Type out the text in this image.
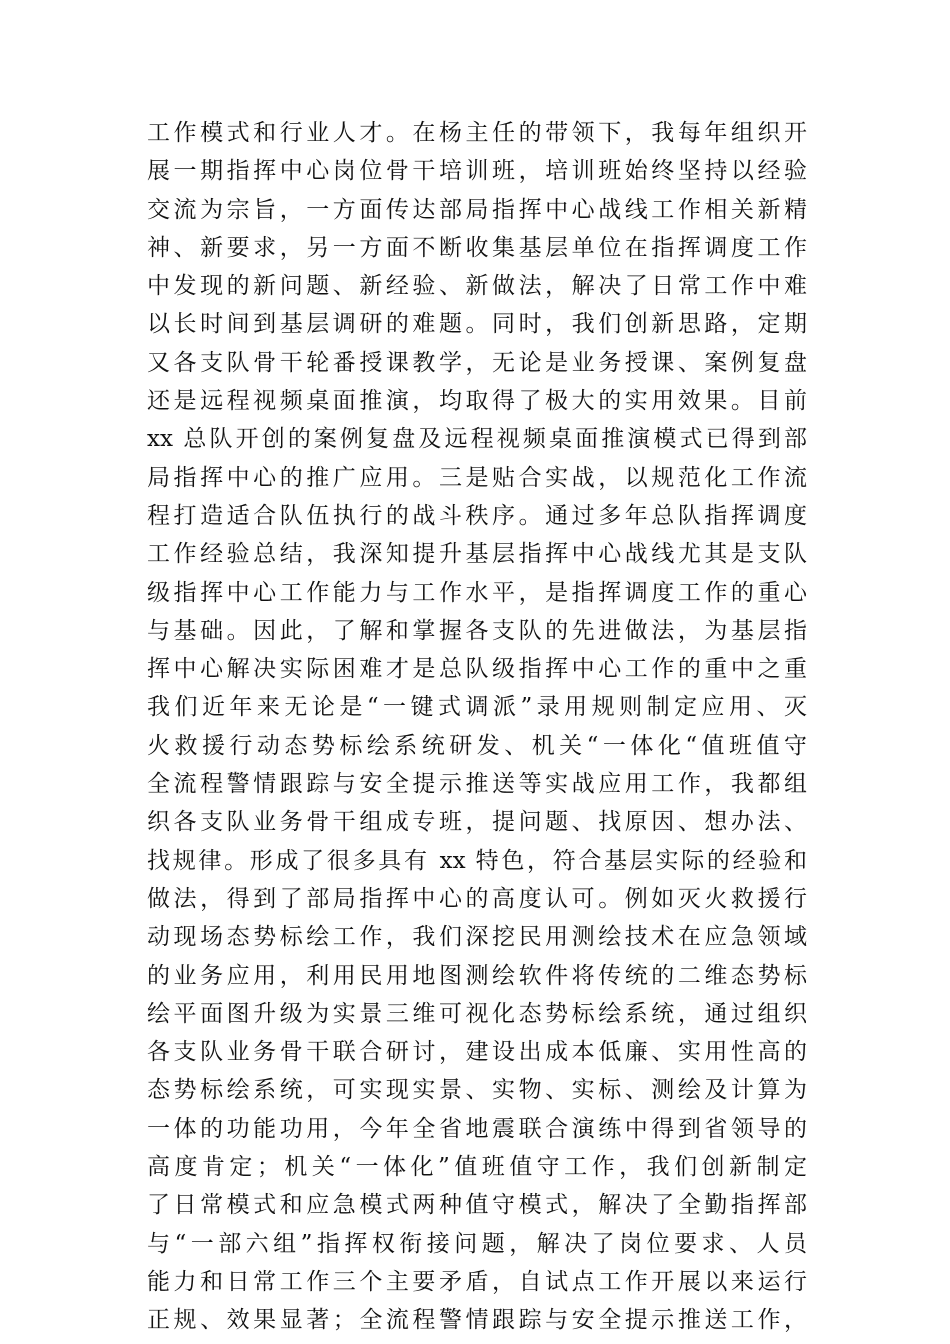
工作模式和行业人才。在杨主任的带领下，我每年组织开
展一期指挥中心岗位骨干培训班，培训班始终坚持以经验
交流为宗旨，一方面传达部局指挥中心战线工作相关新精
神、新要求，另一方面不断收集基层单位在指挥调度工作
中发现的新问题、新经验、新做法，解决了日常工作中难
以长时间到基层调研的难题。同时，我们创新思路，定期
又各支队骨干轮番授课教学，无论是业务授课、案例复盘
还是远程视频桌面推演，均取得了极大的实用效果。目前
xx 总队开创的案例复盘及远程视频桌面推演模式已得到部
局指挥中心的推广应用。三是贴合实战，以规范化工作流
程打造适合队伍执行的战斗秩序。通过多年总队指挥调度
工作经验总结，我深知提升基层指挥中心战线尤其是支队
级指挥中心工作能力与工作水平，是指挥调度工作的重心
与基础。因此，了解和掌握各支队的先进做法，为基层指
挥中心解决实际困难才是总队级指挥中心工作的重中之重
我们近年来无论是“一键式调派”录用规则制定应用、灭
火救援行动态势标绘系统研发、机关“一体化“值班值守
全流程警情跟踪与安全提示推送等实战应用工作，我都组
织各支队业务骨干组成专班，提问题、找原因、想办法、
找规律。形成了很多具有 xx 特色，符合基层实际的经验和
做法，得到了部局指挥中心的高度认可。例如灭火救援行
动现场态势标绘工作，我们深挖民用测绘技术在应急领域
的业务应用，利用民用地图测绘软件将传统的二维态势标
绘平面图升级为实景三维可视化态势标绘系统，通过组织
各支队业务骨干联合研讨，建设出成本低廉、实用性高的
态势标绘系统，可实现实景、实物、实标、测绘及计算为
一体的功能功用，今年全省地震联合演练中得到省领导的
高度肯定；机关“一体化”值班值守工作，我们创新制定
了日常模式和应急模式两种值守模式，解决了全勤指挥部
与“一部六组”指挥权衔接问题，解决了岗位要求、人员
能力和日常工作三个主要矛盾，自试点工作开展以来运行
正规、效果显著；全流程警情跟踪与安全提示推送工作，
